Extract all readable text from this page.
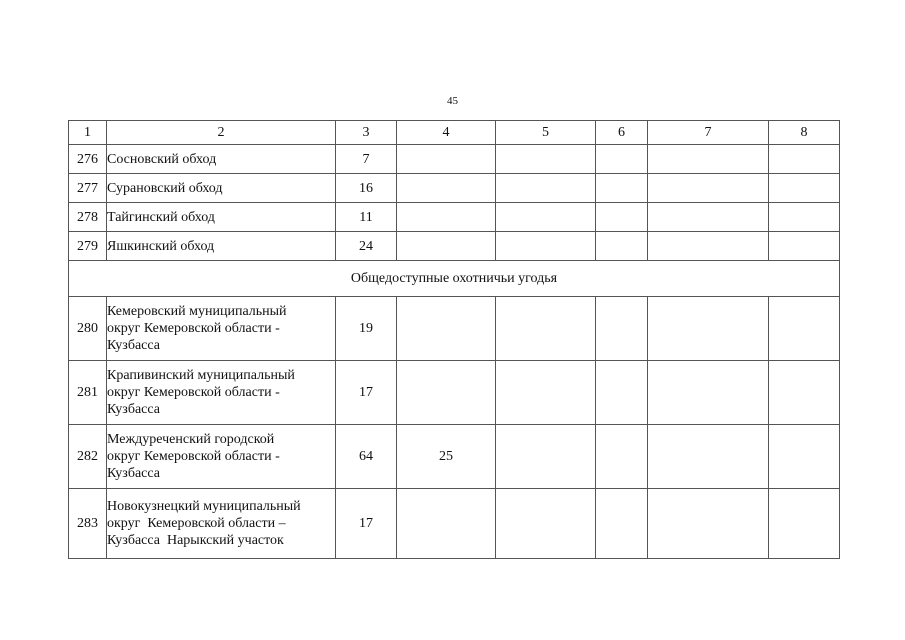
45
1	2	3	4	5	6	7	8
276	Сосновский обход	7					
277	Сурановский обход	16					
278	Тайгинский обход	11					
279	Яшкинский обход	24					
Общедоступные охотничьи угодья							
280	Кемеровский муниципальный
округ Кемеровской области -
Кузбасса	19					
281	Крапивинский муниципальный
округ Кемеровской области -
Кузбасса	17					
282	Междуреченский городской
округ Кемеровской области -
Кузбасса	64	25				
283	Новокузнецкий муниципальный
округ  Кемеровской области –
Кузбасса  Нарыкский участок	17					
